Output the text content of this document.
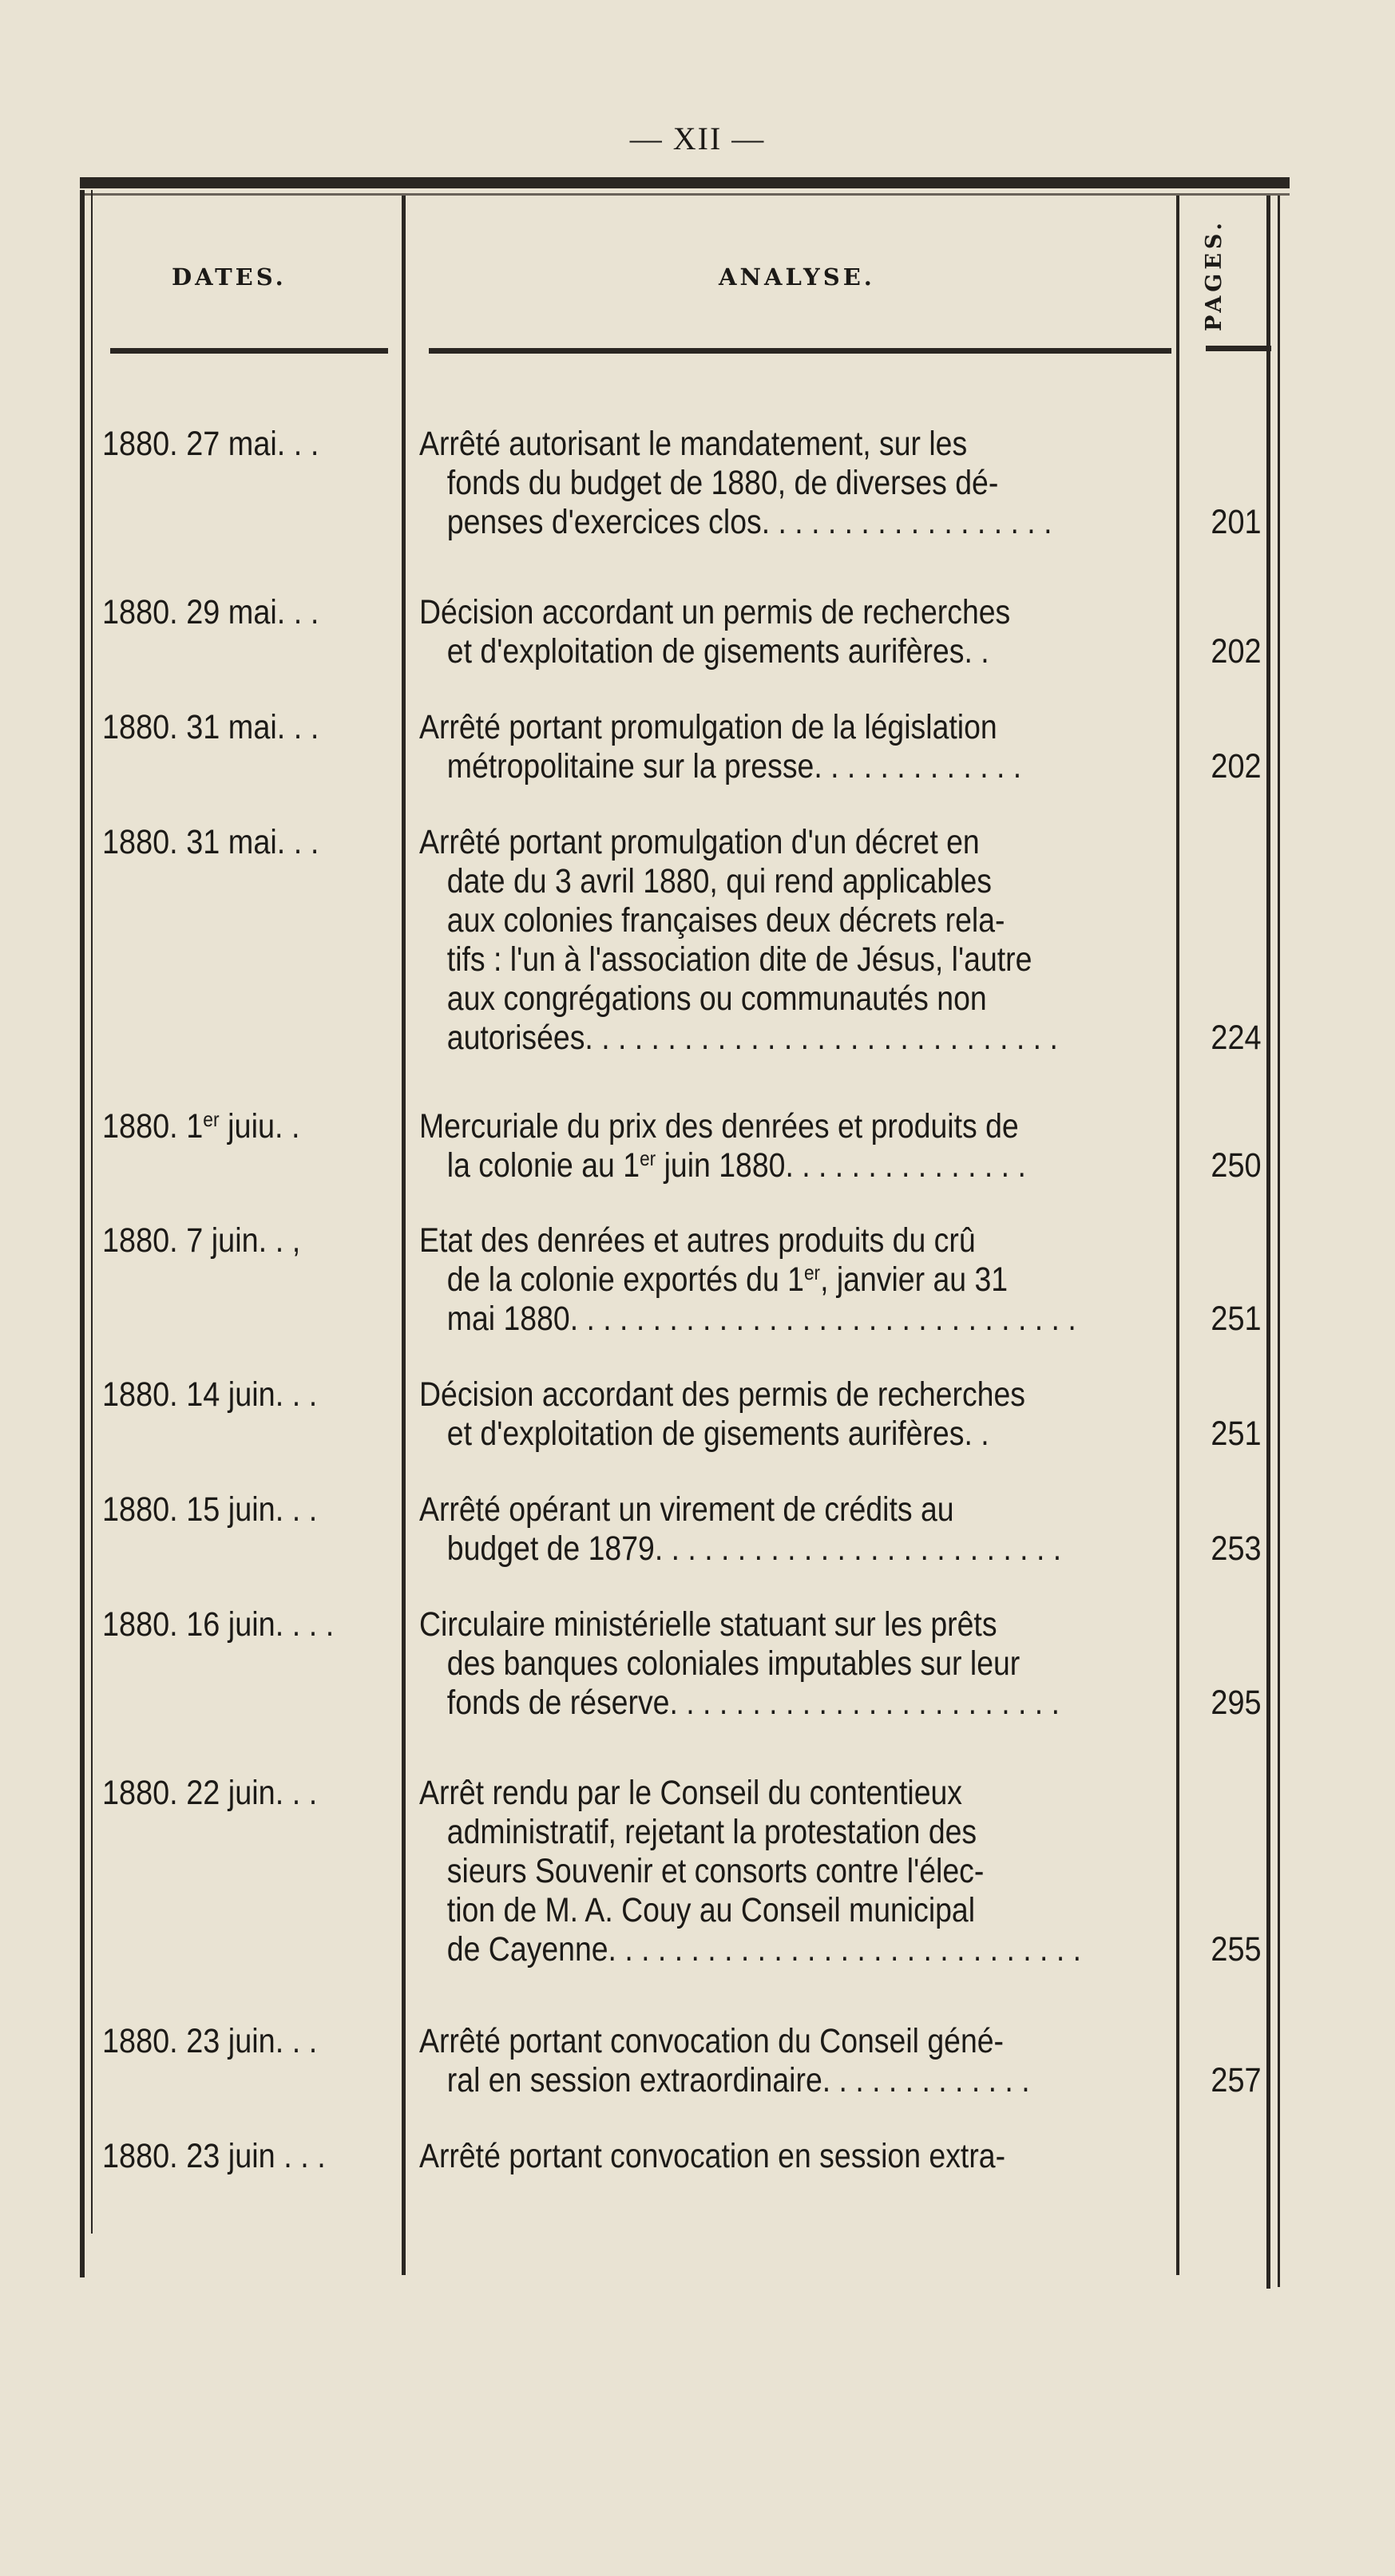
— XII —
DATES.	ANALYSE.	PAGES.
1880. 27 mai. . .	Arrêté autorisant le mandatement, sur les
fonds du budget de 1880, de diverses dé-
penses d'exercices clos. . . . . . . . . . . . . . . . . .	201
1880. 29 mai. . .	Décision accordant un permis de recherches
et d'exploitation de gisements aurifères. .	202
1880. 31 mai. . .	Arrêté portant promulgation de la législation
métropolitaine sur la presse. . . . . . . . . . . . .	202
1880. 31 mai. . .	Arrêté portant promulgation d'un décret en
date du 3 avril 1880, qui rend applicables
aux colonies françaises deux décrets rela-
tifs : l'un à l'association dite de Jésus, l'autre
aux congrégations ou communautés non
autorisées. . . . . . . . . . . . . . . . . . . . . . . . . . . . .	224
1880. 1er juiu. .	Mercuriale du prix des denrées et produits de
la colonie au 1er juin 1880. . . . . . . . . . . . . . .	250
1880. 7 juin. . ,	Etat des denrées et autres produits du crû
de la colonie exportés du 1er, janvier au 31
mai 1880. . . . . . . . . . . . . . . . . . . . . . . . . . . . . . .	251
1880. 14 juin. . .	Décision accordant des permis de recherches
et d'exploitation de gisements aurifères. .	251
1880. 15 juin. . .	Arrêté opérant un virement de crédits au
budget de 1879. . . . . . . . . . . . . . . . . . . . . . . . .	253
1880. 16 juin. . . .	Circulaire ministérielle statuant sur les prêts
des banques coloniales imputables sur leur
fonds de réserve. . . . . . . . . . . . . . . . . . . . . . . .	295
1880. 22 juin. . .	Arrêt rendu par le Conseil du contentieux
administratif, rejetant la protestation des
sieurs Souvenir et consorts contre l'élec-
tion de M. A. Couy au Conseil municipal
de Cayenne. . . . . . . . . . . . . . . . . . . . . . . . . . . . .	255
1880. 23 juin. . .	Arrêté portant convocation du Conseil géné-
ral en session extraordinaire. . . . . . . . . . . . .	257
1880. 23 juin . . .	Arrêté portant convocation en session extra-
